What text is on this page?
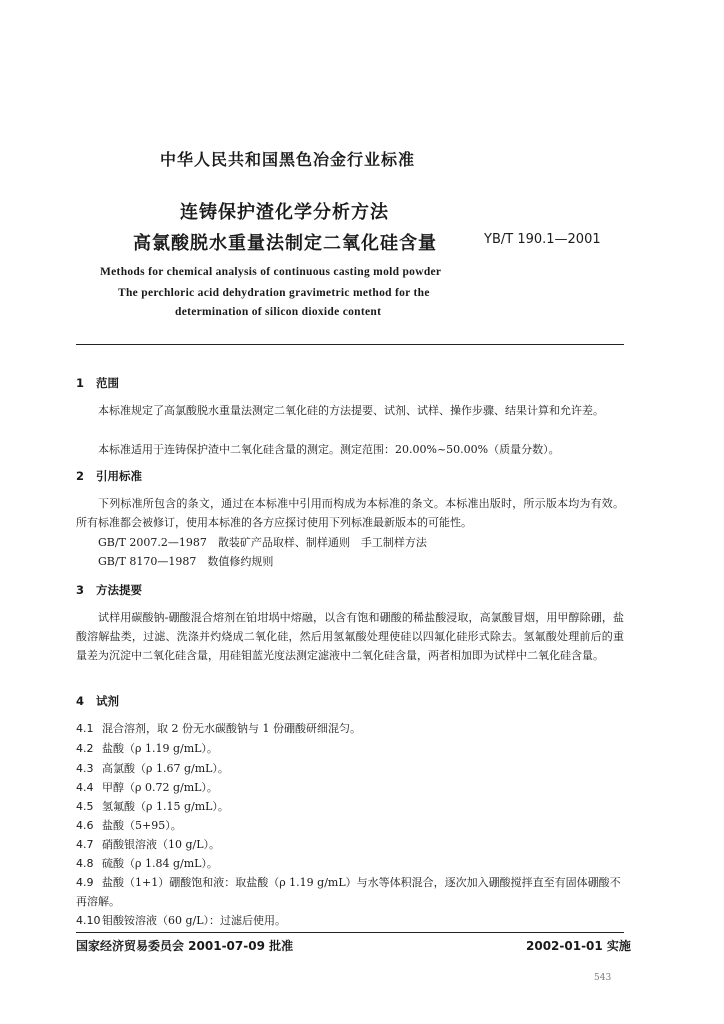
中华人民共和国黑色冶金行业标准
连铸保护渣化学分析方法
高氯酸脱水重量法制定二氧化硅含量	YB/T 190.1—2001
Methods for chemical analysis of continuous casting mold powder
The perchloric acid dehydration gravimetric method for the
determination of silicon dioxide content
1 范围
本标准规定了高氯酸脱水重量法测定二氧化硅的方法提要、试剂、试样、操作步骤、结果计算和允许差。
本标准适用于连铸保护渣中二氧化硅含量的测定。测定范围：20.00%~50.00%（质量分数）。
2 引用标准
下列标准所包含的条文，通过在本标准中引用而构成为本标准的条文。本标准出版时，所示版本均为有效。所有标准都会被修订，使用本标准的各方应探讨使用下列标准最新版本的可能性。
GB/T 2007.2—1987　散装矿产品取样、制样通则　手工制样方法
GB/T 8170—1987　数值修约规则
3 方法提要
试样用碳酸钠-硼酸混合熔剂在铂坩埚中熔融，以含有饱和硼酸的稀盐酸浸取，高氯酸冒烟，用甲醇除硼，盐酸溶解盐类，过滤、洗涤并灼烧成二氧化硅，然后用氢氟酸处理使硅以四氟化硅形式除去。氢氟酸处理前后的重量差为沉淀中二氧化硅含量，用硅钼蓝光度法测定滤液中二氧化硅含量，两者相加即为试样中二氧化硅含量。
4 试剂
4.1 混合溶剂，取 2 份无水碳酸钠与 1 份硼酸研细混匀。
4.2 盐酸（ρ 1.19 g/mL）。
4.3 高氯酸（ρ 1.67 g/mL）。
4.4 甲醇（ρ 0.72 g/mL）。
4.5 氢氟酸（ρ 1.15 g/mL）。
4.6 盐酸（5+95）。
4.7 硝酸银溶液（10 g/L）。
4.8 硫酸（ρ 1.84 g/mL）。
4.9 盐酸（1+1）硼酸饱和液：取盐酸（ρ 1.19 g/mL）与水等体积混合，逐次加入硼酸搅拌直至有固体硼酸不再溶解。
4.10 钼酸铵溶液（60 g/L）：过滤后使用。
国家经济贸易委员会 2001-07-09 批准	2002-01-01 实施
543
